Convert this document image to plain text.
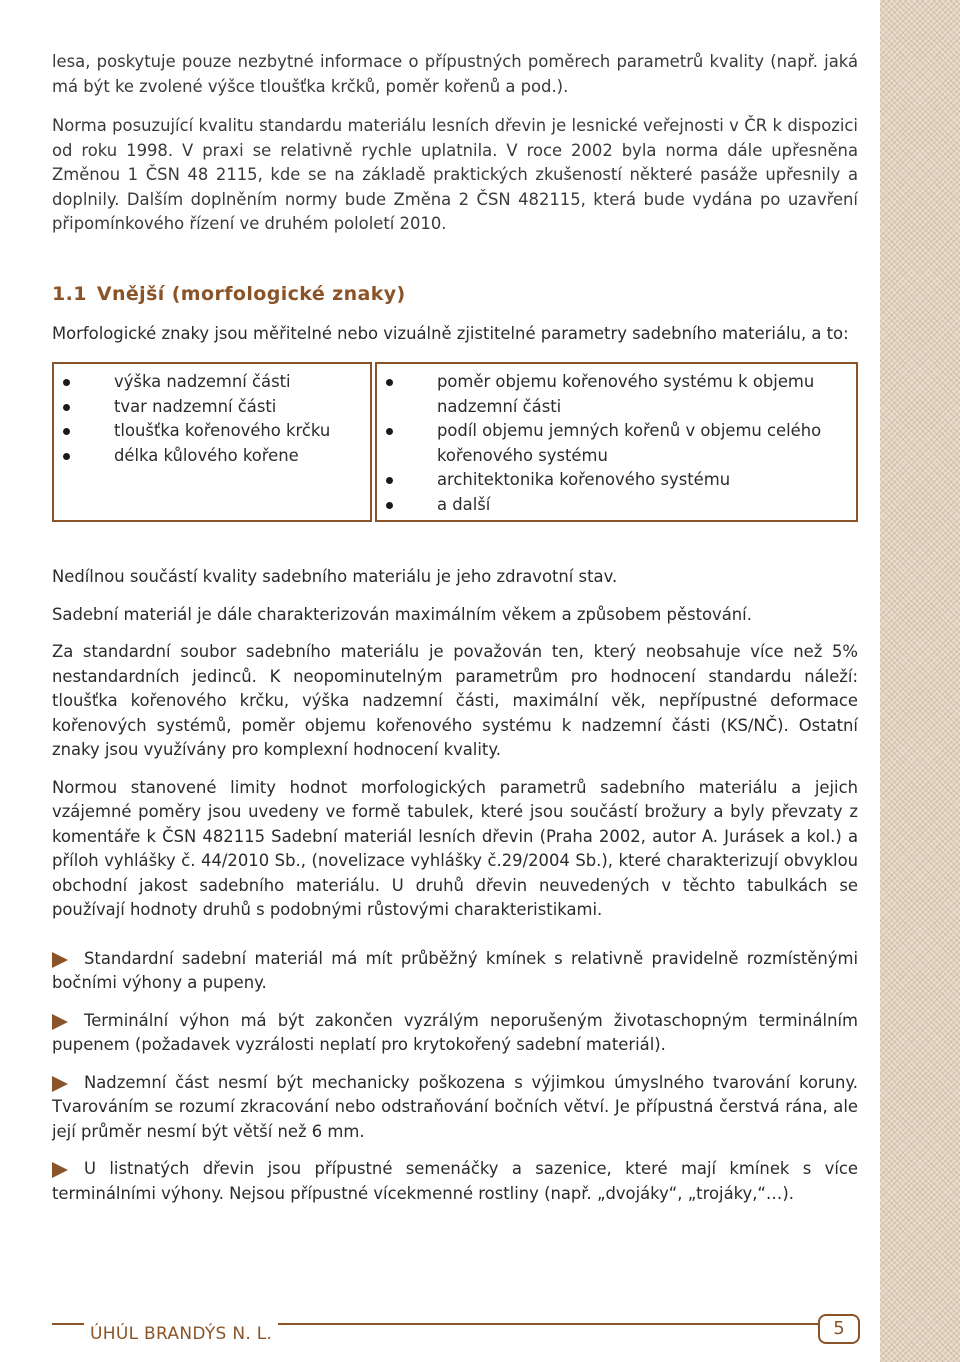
lesa, poskytuje pouze nezbytné informace o přípustných poměrech parametrů kvality (např. jaká má být ke zvolené výšce tloušťka krčků, poměr kořenů a pod.).

Norma posuzující kvalitu standardu materiálu lesních dřevin je lesnické veřejnosti v ČR k dispozici od roku 1998. V praxi se relativně rychle uplatnila. V roce 2002 byla norma dále upřesněna Změnou 1 ČSN 48 2115, kde se na základě praktických zkušeností některé pasáže upřesnily a doplnily. Dalším doplněním normy bude Změna 2 ČSN 482115, která bude vydána po uzavření připomínkového řízení ve druhém pololetí 2010.

1.1 Vnější (morfologické znaky)

Morfologické znaky jsou měřitelné nebo vizuálně zjistitelné parametry sadebního materiálu, a to:

výška nadzemní části
tvar nadzemní části
tloušťka kořenového krčku
délka kůlového kořene
poměr objemu kořenového systému k objemu nadzemní části
podíl objemu jemných kořenů v objemu celého kořenového systému
architektonika kořenového systému
a další

Nedílnou součástí kvality sadebního materiálu je jeho zdravotní stav.

Sadební materiál je dále charakterizován maximálním věkem a způsobem pěstování.

Za standardní soubor sadebního materiálu je považován ten, který neobsahuje více než 5% nestandardních jedinců. K neopominutelným parametrům pro hodnocení standardu náleží: tloušťka kořenového krčku, výška nadzemní části, maximální věk, nepřípustné deformace kořenových systémů, poměr objemu kořenového systému k nadzemní části (KS/NČ). Ostatní znaky jsou využívány pro komplexní hodnocení kvality.

Normou stanovené limity hodnot morfologických parametrů sadebního materiálu a jejich vzájemné poměry jsou uvedeny ve formě tabulek, které jsou součástí brožury a byly převzaty z komentáře k ČSN 482115 Sadební materiál lesních dřevin (Praha 2002, autor A. Jurásek a kol.) a příloh vyhlášky č. 44/2010 Sb., (novelizace vyhlášky č.29/2004 Sb.), které charakterizují obvyklou obchodní jakost sadebního materiálu. U druhů dřevin neuvedených v těchto tabulkách se používají hodnoty druhů s podobnými růstovými charakteristikami.

Standardní sadební materiál má mít průběžný kmínek s relativně pravidelně rozmístěnými bočními výhony a pupeny.

Terminální výhon má být zakončen vyzrálým neporušeným životaschopným terminálním pupenem (požadavek vyzrálosti neplatí pro krytokořený sadební materiál).

Nadzemní část nesmí být mechanicky poškozena s výjimkou úmyslného tvarování koruny. Tvarováním se rozumí zkracování nebo odstraňování bočních větví. Je přípustná čerstvá rána, ale její průměr nesmí být větší než 6 mm.

U listnatých dřevin jsou přípustné semenáčky a sazenice, které mají kmínek s více terminálními výhony. Nejsou přípustné vícekmenné rostliny (např. „dvojáky“, „trojáky,“…).

ÚHÚL BRANDÝS N. L.	5
